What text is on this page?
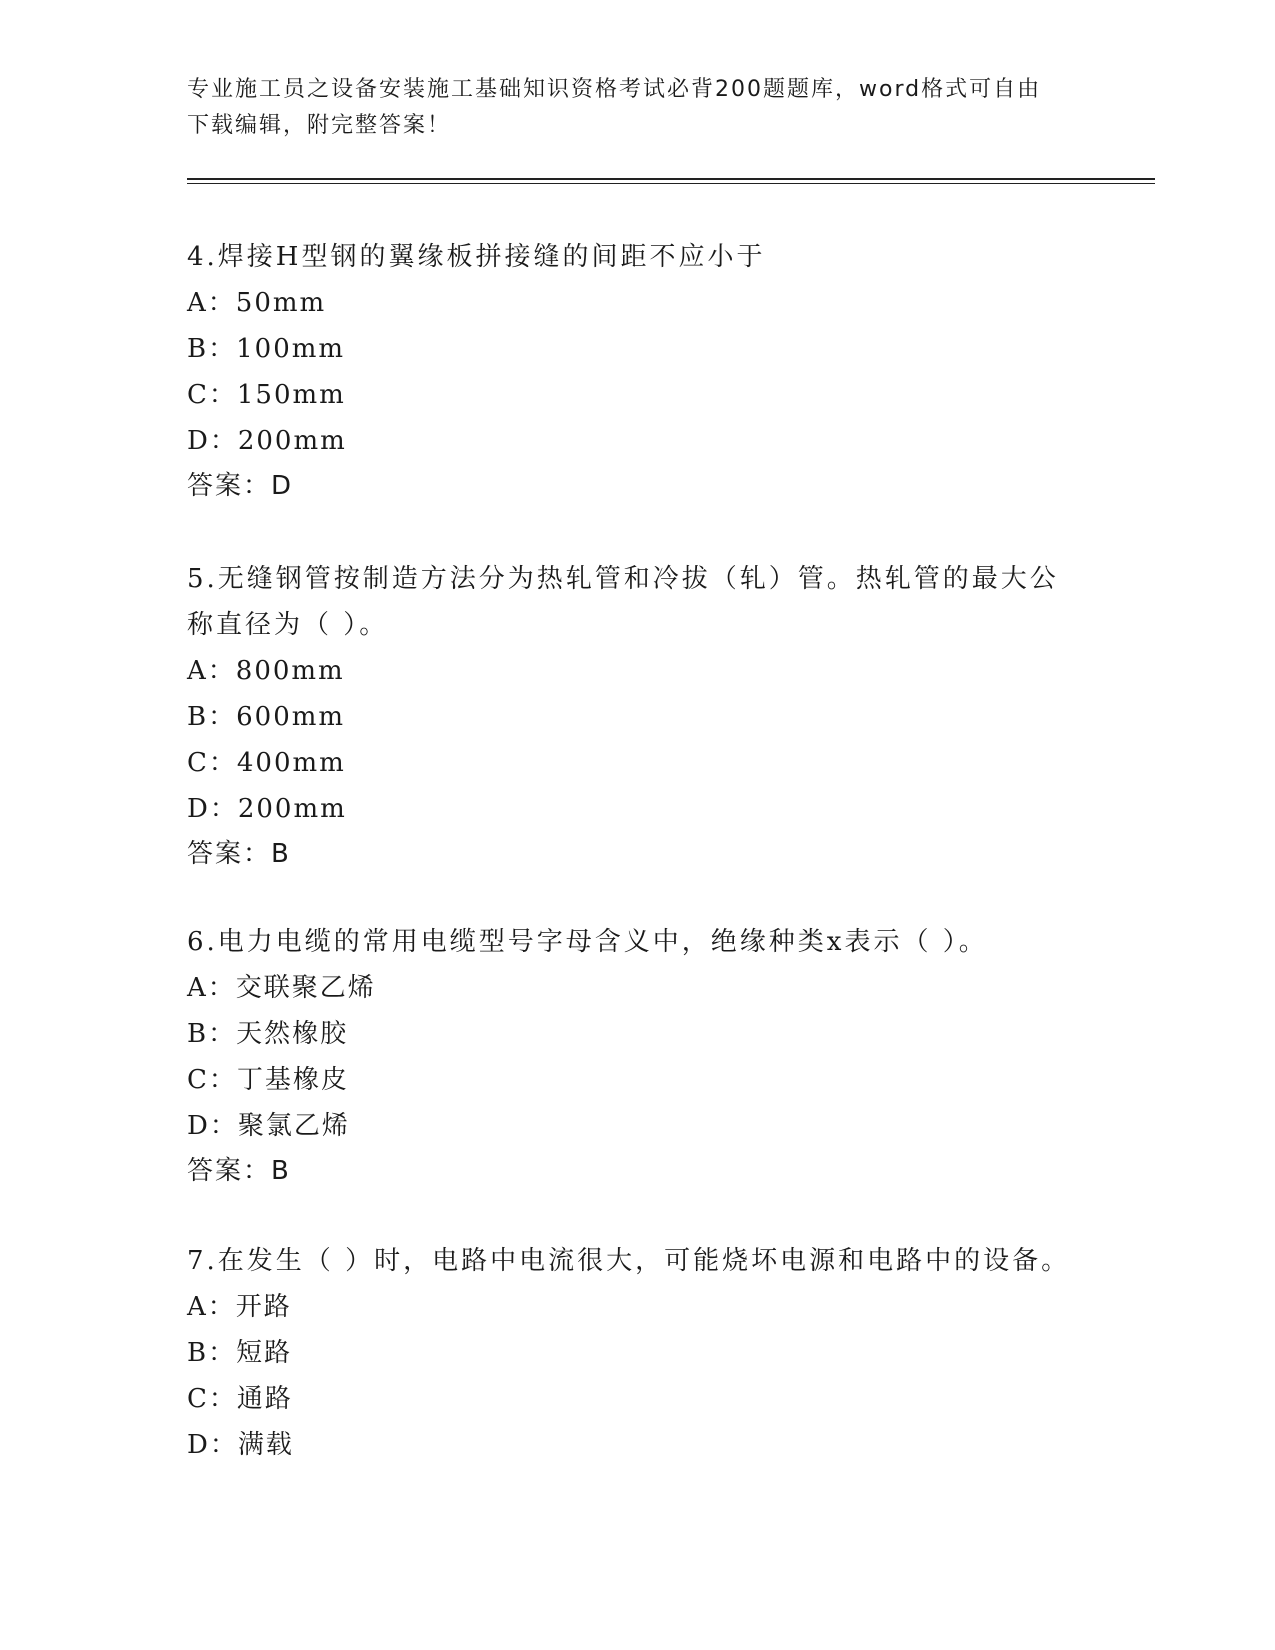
专业施工员之设备安装施工基础知识资格考试必背200题题库，word格式可自由
下载编辑，附完整答案！

4.焊接H型钢的翼缘板拼接缝的间距不应小于

A：50mm

B：100mm

C：150mm

D：200mm

答案：D

5.无缝钢管按制造方法分为热轧管和冷拔（轧）管。热轧管的最大公

称直径为（ ）。

A：800mm

B：600mm

C：400mm

D：200mm

答案：B

6.电力电缆的常用电缆型号字母含义中，绝缘种类x表示（ ）。

A：交联聚乙烯

B：天然橡胶

C：丁基橡皮

D：聚氯乙烯

答案：B

7.在发生（ ）时，电路中电流很大，可能烧坏电源和电路中的设备。

A：开路

B：短路

C：通路

D：满载
